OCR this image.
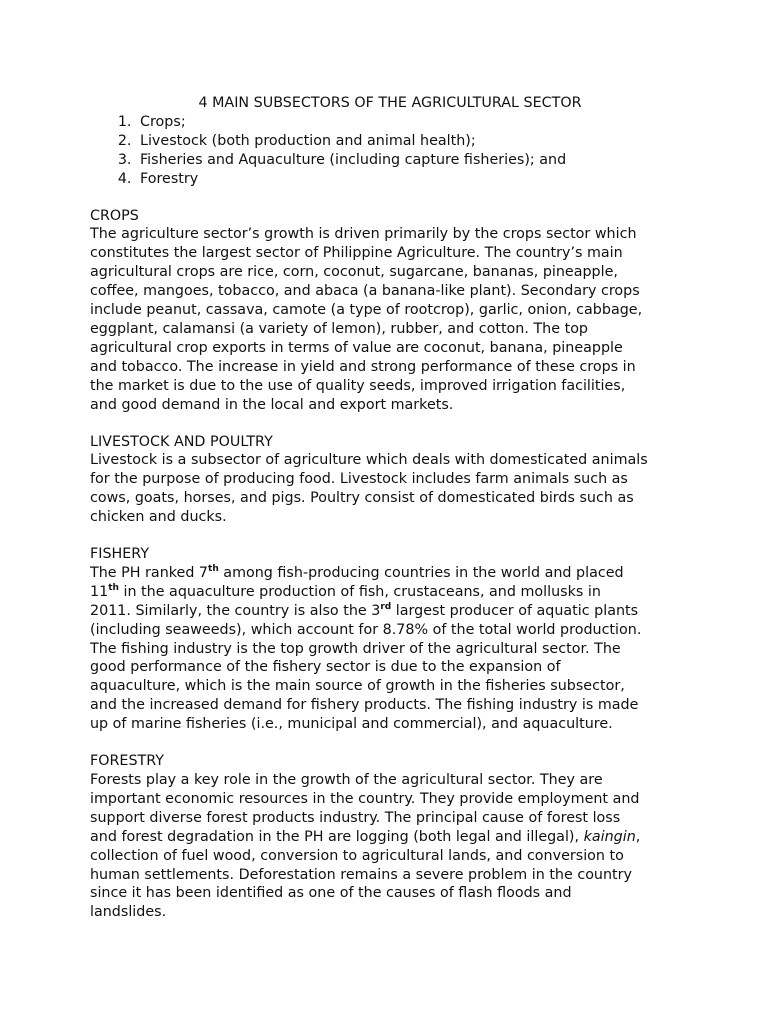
4 MAIN SUBSECTORS OF THE AGRICULTURAL SECTOR
1. Crops;
2. Livestock (both production and animal health);
3. Fisheries and Aquaculture (including capture fisheries); and
4. Forestry
CROPS
The agriculture sector’s growth is driven primarily by the crops sector which
constitutes the largest sector of Philippine Agriculture. The country’s main
agricultural crops are rice, corn, coconut, sugarcane, bananas, pineapple,
coffee, mangoes, tobacco, and abaca (a banana-like plant). Secondary crops
include peanut, cassava, camote (a type of rootcrop), garlic, onion, cabbage,
eggplant, calamansi (a variety of lemon), rubber, and cotton. The top
agricultural crop exports in terms of value are coconut, banana, pineapple
and tobacco. The increase in yield and strong performance of these crops in
the market is due to the use of quality seeds, improved irrigation facilities,
and good demand in the local and export markets.
LIVESTOCK AND POULTRY
Livestock is a subsector of agriculture which deals with domesticated animals
for the purpose of producing food. Livestock includes farm animals such as
cows, goats, horses, and pigs. Poultry consist of domesticated birds such as
chicken and ducks.
FISHERY
The PH ranked 7th among fish-producing countries in the world and placed
11th in the aquaculture production of fish, crustaceans, and mollusks in
2011. Similarly, the country is also the 3rd largest producer of aquatic plants
(including seaweeds), which account for 8.78% of the total world production.
The fishing industry is the top growth driver of the agricultural sector. The
good performance of the fishery sector is due to the expansion of
aquaculture, which is the main source of growth in the fisheries subsector,
and the increased demand for fishery products. The fishing industry is made
up of marine fisheries (i.e., municipal and commercial), and aquaculture.
FORESTRY
Forests play a key role in the growth of the agricultural sector. They are
important economic resources in the country. They provide employment and
support diverse forest products industry. The principal cause of forest loss
and forest degradation in the PH are logging (both legal and illegal), kaingin,
collection of fuel wood, conversion to agricultural lands, and conversion to
human settlements. Deforestation remains a severe problem in the country
since it has been identified as one of the causes of flash floods and
landslides.
